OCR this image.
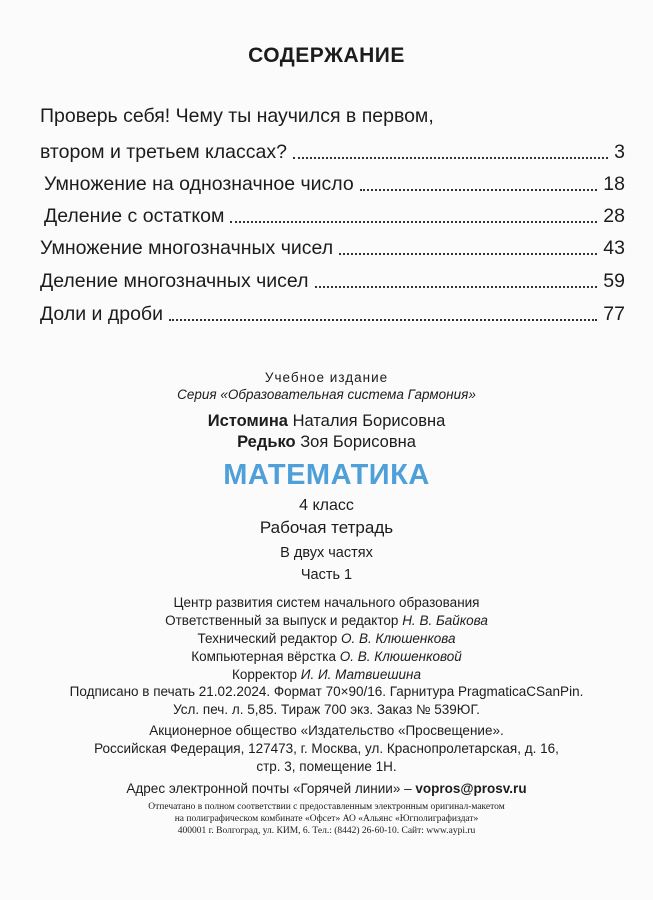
СОДЕРЖАНИЕ
Проверь себя! Чему ты научился в первом,
втором и третьем классах?	3
Умножение на однозначное число	18
Деление с остатком	28
Умножение многозначных чисел	43
Деление многозначных чисел	59
Доли и дроби	77
Учебное издание
Серия «Образовательная система Гармония»
Истомина Наталия Борисовна
Редько Зоя Борисовна
МАТЕМАТИКА
4 класс
Рабочая тетрадь
В двух частях
Часть 1
Центр развития систем начального образования
Ответственный за выпуск и редактор Н. В. Байкова
Технический редактор О. В. Клюшенкова
Компьютерная вёрстка О. В. Клюшенковой
Корректор И. И. Матвиешина
Подписано в печать 21.02.2024. Формат 70×90/16. Гарнитура PragmaticaCSanPin.
Усл. печ. л. 5,85. Тираж 700 экз. Заказ № 539ЮГ.
Акционерное общество «Издательство «Просвещение».
Российская Федерация, 127473, г. Москва, ул. Краснопролетарская, д. 16,
стр. 3, помещение 1Н.
Адрес электронной почты «Горячей линии» – vopros@prosv.ru
Отпечатано в полном соответствии с предоставленным электронным оригинал-макетом
на полиграфическом комбинате «Офсет» АО «Альянс «Югполиграфиздат»
400001 г. Волгоград, ул. КИМ, 6. Тел.: (8442) 26-60-10. Сайт: www.aypi.ru
